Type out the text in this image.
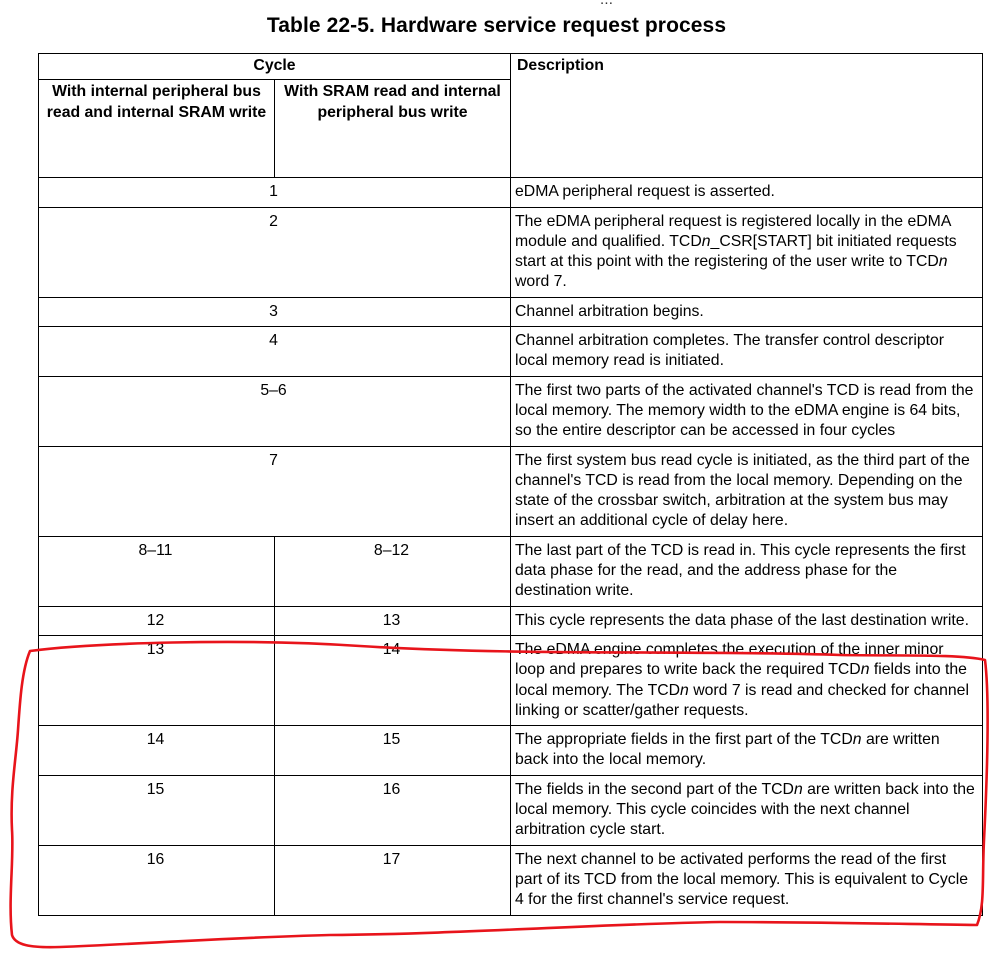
Table 22-5. Hardware service request process
Cycle		Description
With internal peripheral bus read and internal SRAM write	With SRAM read and internal peripheral bus write	
1		eDMA peripheral request is asserted.
2		The eDMA peripheral request is registered locally in the eDMA module and qualified. TCDn_CSR[START] bit initiated requests start at this point with the registering of the user write to TCDn word 7.
3		Channel arbitration begins.
4		Channel arbitration completes. The transfer control descriptor local memory read is initiated.
5–6		The first two parts of the activated channel's TCD is read from the local memory. The memory width to the eDMA engine is 64 bits, so the entire descriptor can be accessed in four cycles
7		The first system bus read cycle is initiated, as the third part of the channel's TCD is read from the local memory. Depending on the state of the crossbar switch, arbitration at the system bus may insert an additional cycle of delay here.
8–11	8–12	The last part of the TCD is read in. This cycle represents the first data phase for the read, and the address phase for the destination write.
12	13	This cycle represents the data phase of the last destination write.
13	14	The eDMA engine completes the execution of the inner minor loop and prepares to write back the required TCDn fields into the local memory. The TCDn word 7 is read and checked for channel linking or scatter/gather requests.
14	15	The appropriate fields in the first part of the TCDn are written back into the local memory.
15	16	The fields in the second part of the TCDn are written back into the local memory. This cycle coincides with the next channel arbitration cycle start.
16	17	The next channel to be activated performs the read of the first part of its TCD from the local memory. This is equivalent to Cycle 4 for the first channel's service request.
